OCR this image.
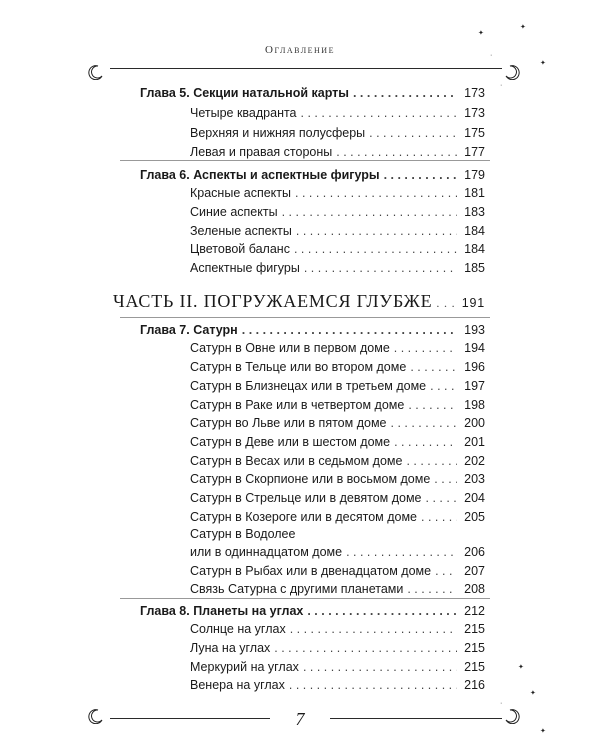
Оглавление
✦
✦
·
✦
·
✦
✦
·
✦
Глава 5. Секции натальной карты . . .	173
Четыре квадранта . . .	173
Верхняя и нижняя полусферы . . .	175
Левая и правая стороны . . .	177
Глава 6. Аспекты и аспектные фигуры . . .	179
Красные аспекты . . .	181
Синие аспекты . . .	183
Зеленые аспекты . . .	184
Цветовой баланс . . .	184
Аспектные фигуры . . .	185
ЧАСТЬ II. ПОГРУЖАЕМСЯ ГЛУБЖЕ . . . 191
Глава 7. Сатурн . . .	193
Сатурн в Овне или в первом доме . . .	194
Сатурн в Тельце или во втором доме . . .	196
Сатурн в Близнецах или в третьем доме . . .	197
Сатурн в Раке или в четвертом доме . . .	198
Сатурн во Льве или в пятом доме . . .	200
Сатурн в Деве или в шестом доме . . .	201
Сатурн в Весах или в седьмом доме . . .	202
Сатурн в Скорпионе или в восьмом доме . . .	203
Сатурн в Стрельце или в девятом доме . . .	204
Сатурн в Козероге или в десятом доме . . .	205
Сатурн в Водолее
или в одиннадцатом доме . . .	206
Сатурн в Рыбах или в двенадцатом доме . . .	207
Связь Сатурна с другими планетами . . .	208
Глава 8. Планеты на углах . . .	212
Солнце на углах . . .	215
Луна на углах . . .	215
Меркурий на углах . . .	215
Венера на углах . . .	216
7
